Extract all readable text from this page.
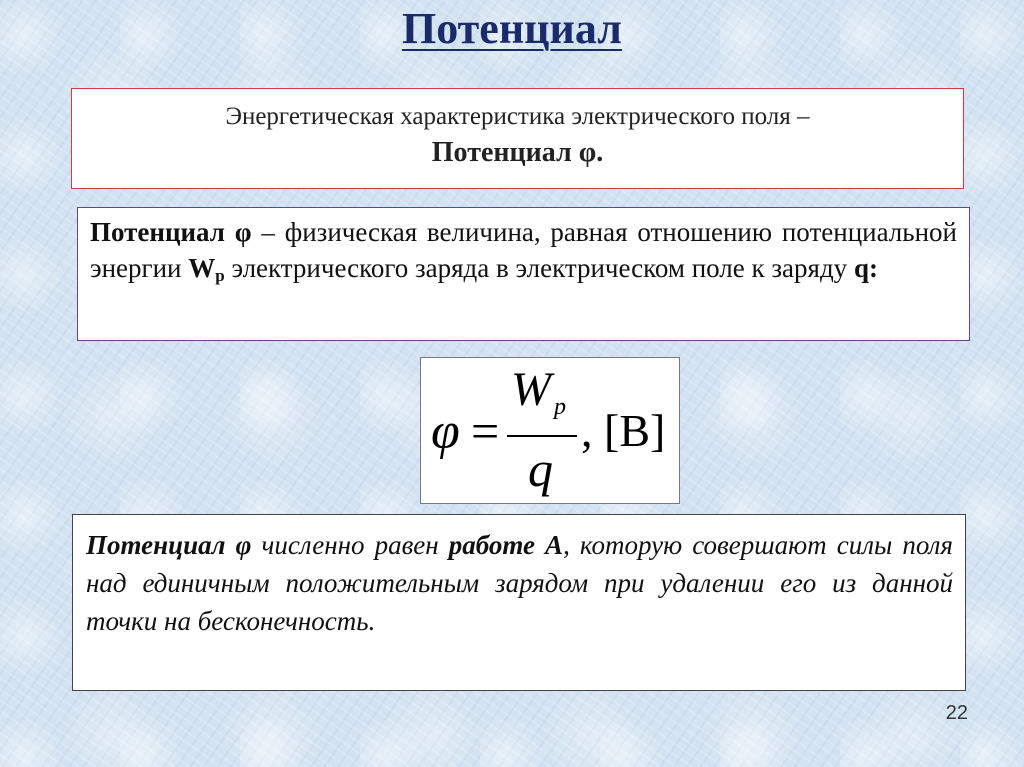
Потенциал
Энергетическая характеристика электрического поля –
Потенциал φ.
Потенциал φ – физическая величина, равная отношению потенциальной энергии $W_p$ электрического заряда в электрическом поле к заряду q:
φ =
W p
q
, [В]
Потенциал φ численно равен работе А, которую совершают силы поля над единичным положительным зарядом при удалении его из данной точки на бесконечность.
22
